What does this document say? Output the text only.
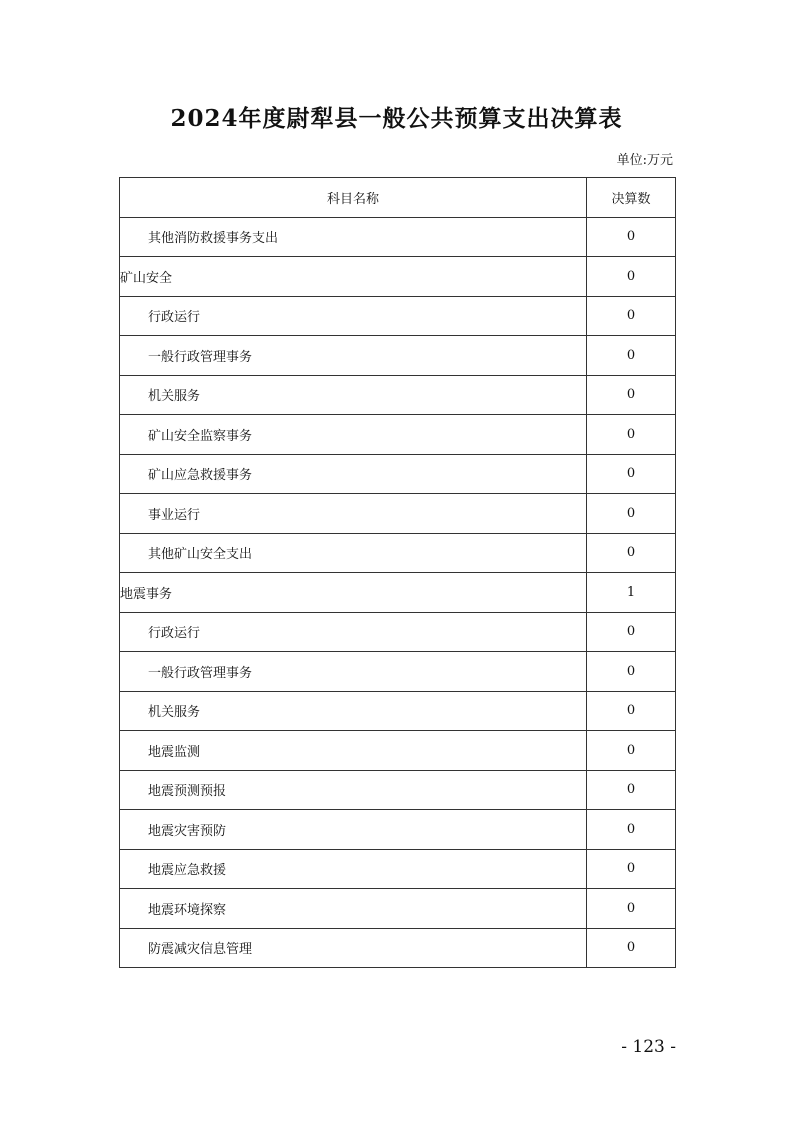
2024年度尉犁县一般公共预算支出决算表
单位:万元
科目名称	决算数
其他消防救援事务支出	0
矿山安全	0
行政运行	0
一般行政管理事务	0
机关服务	0
矿山安全监察事务	0
矿山应急救援事务	0
事业运行	0
其他矿山安全支出	0
地震事务	1
行政运行	0
一般行政管理事务	0
机关服务	0
地震监测	0
地震预测预报	0
地震灾害预防	0
地震应急救援	0
地震环境探察	0
防震减灾信息管理	0
- 123 -
